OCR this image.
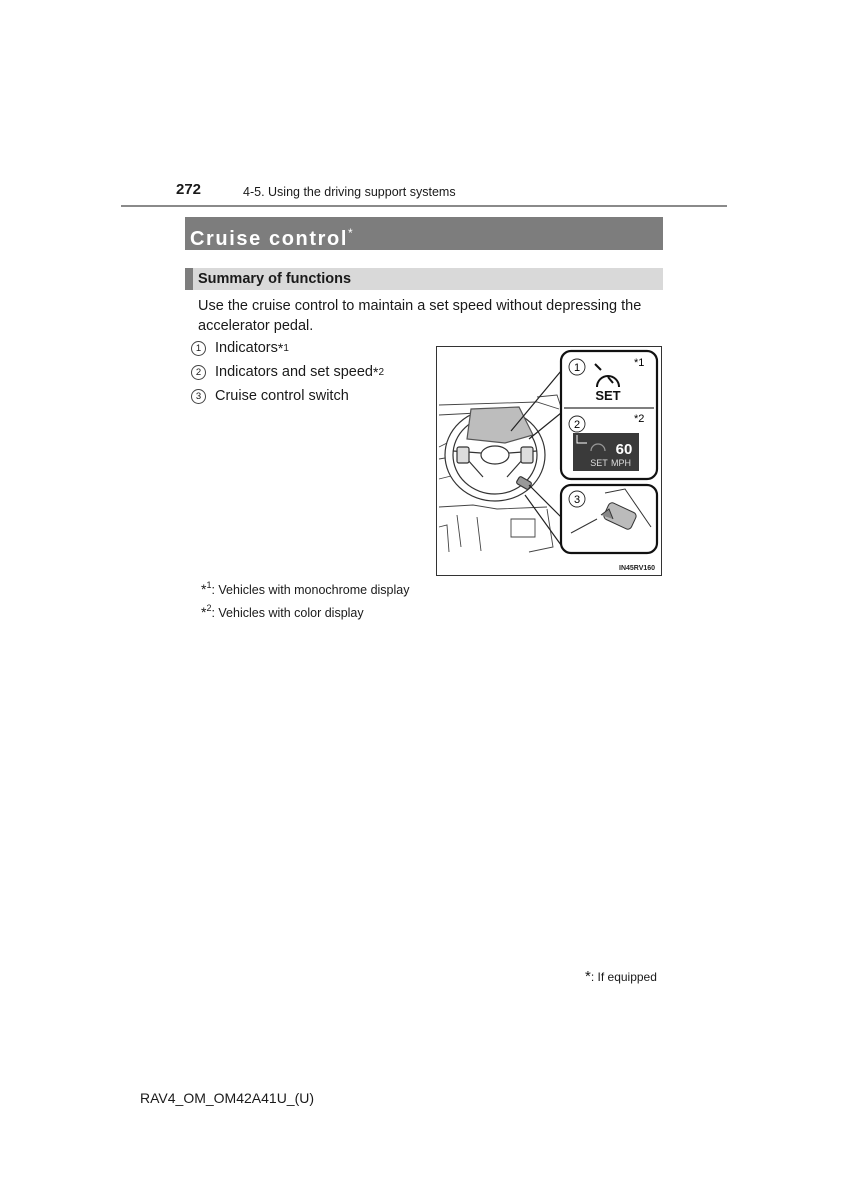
272	4-5. Using the driving support systems
Cruise control*
Summary of functions
Use the cruise control to maintain a set speed without depressing the accelerator pedal.
1 Indicators * 1
2 Indicators and set speed * 2
3 Cruise control switch
1	*1
SET
2	*2
60
SET MPH
3
IN45RV160
*$^1$: Vehicles with monochrome display
*$^2$: Vehicles with color display
*: If equipped
RAV4_OM_OM42A41U_(U)
